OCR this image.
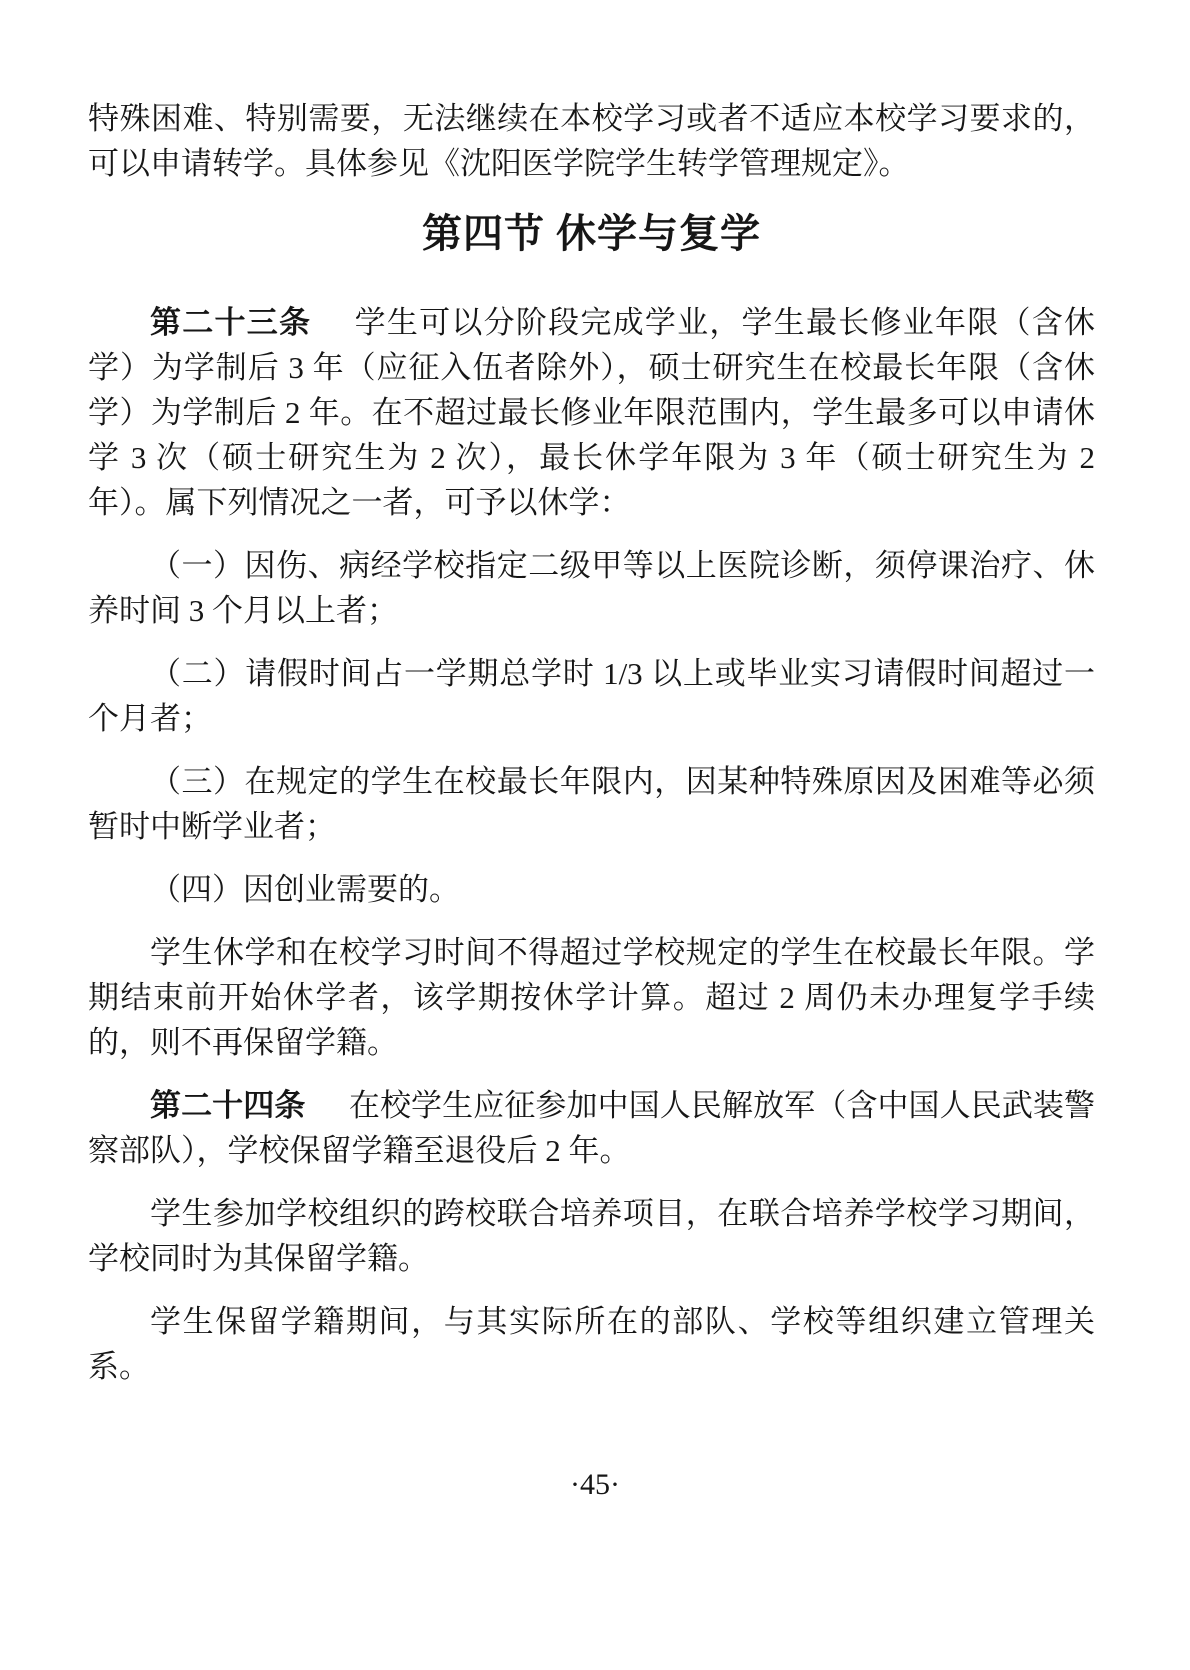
特殊困难、特别需要，无法继续在本校学习或者不适应本校学习要求的，可以申请转学。具体参见《沈阳医学院学生转学管理规定》。

第四节 休学与复学

第二十三条 学生可以分阶段完成学业，学生最长修业年限（含休学）为学制后 3 年（应征入伍者除外），硕士研究生在校最长年限（含休学）为学制后 2 年。在不超过最长修业年限范围内，学生最多可以申请休学 3 次（硕士研究生为 2 次），最长休学年限为 3 年（硕士研究生为 2 年）。属下列情况之一者，可予以休学：

（一）因伤、病经学校指定二级甲等以上医院诊断，须停课治疗、休养时间 3 个月以上者；

（二）请假时间占一学期总学时 1/3 以上或毕业实习请假时间超过一个月者；

（三）在规定的学生在校最长年限内，因某种特殊原因及困难等必须暂时中断学业者；

（四）因创业需要的。

学生休学和在校学习时间不得超过学校规定的学生在校最长年限。学期结束前开始休学者，该学期按休学计算。超过 2 周仍未办理复学手续的，则不再保留学籍。

第二十四条 在校学生应征参加中国人民解放军（含中国人民武装警察部队），学校保留学籍至退役后 2 年。

学生参加学校组织的跨校联合培养项目，在联合培养学校学习期间，学校同时为其保留学籍。

学生保留学籍期间，与其实际所在的部队、学校等组织建立管理关系。

·45·
